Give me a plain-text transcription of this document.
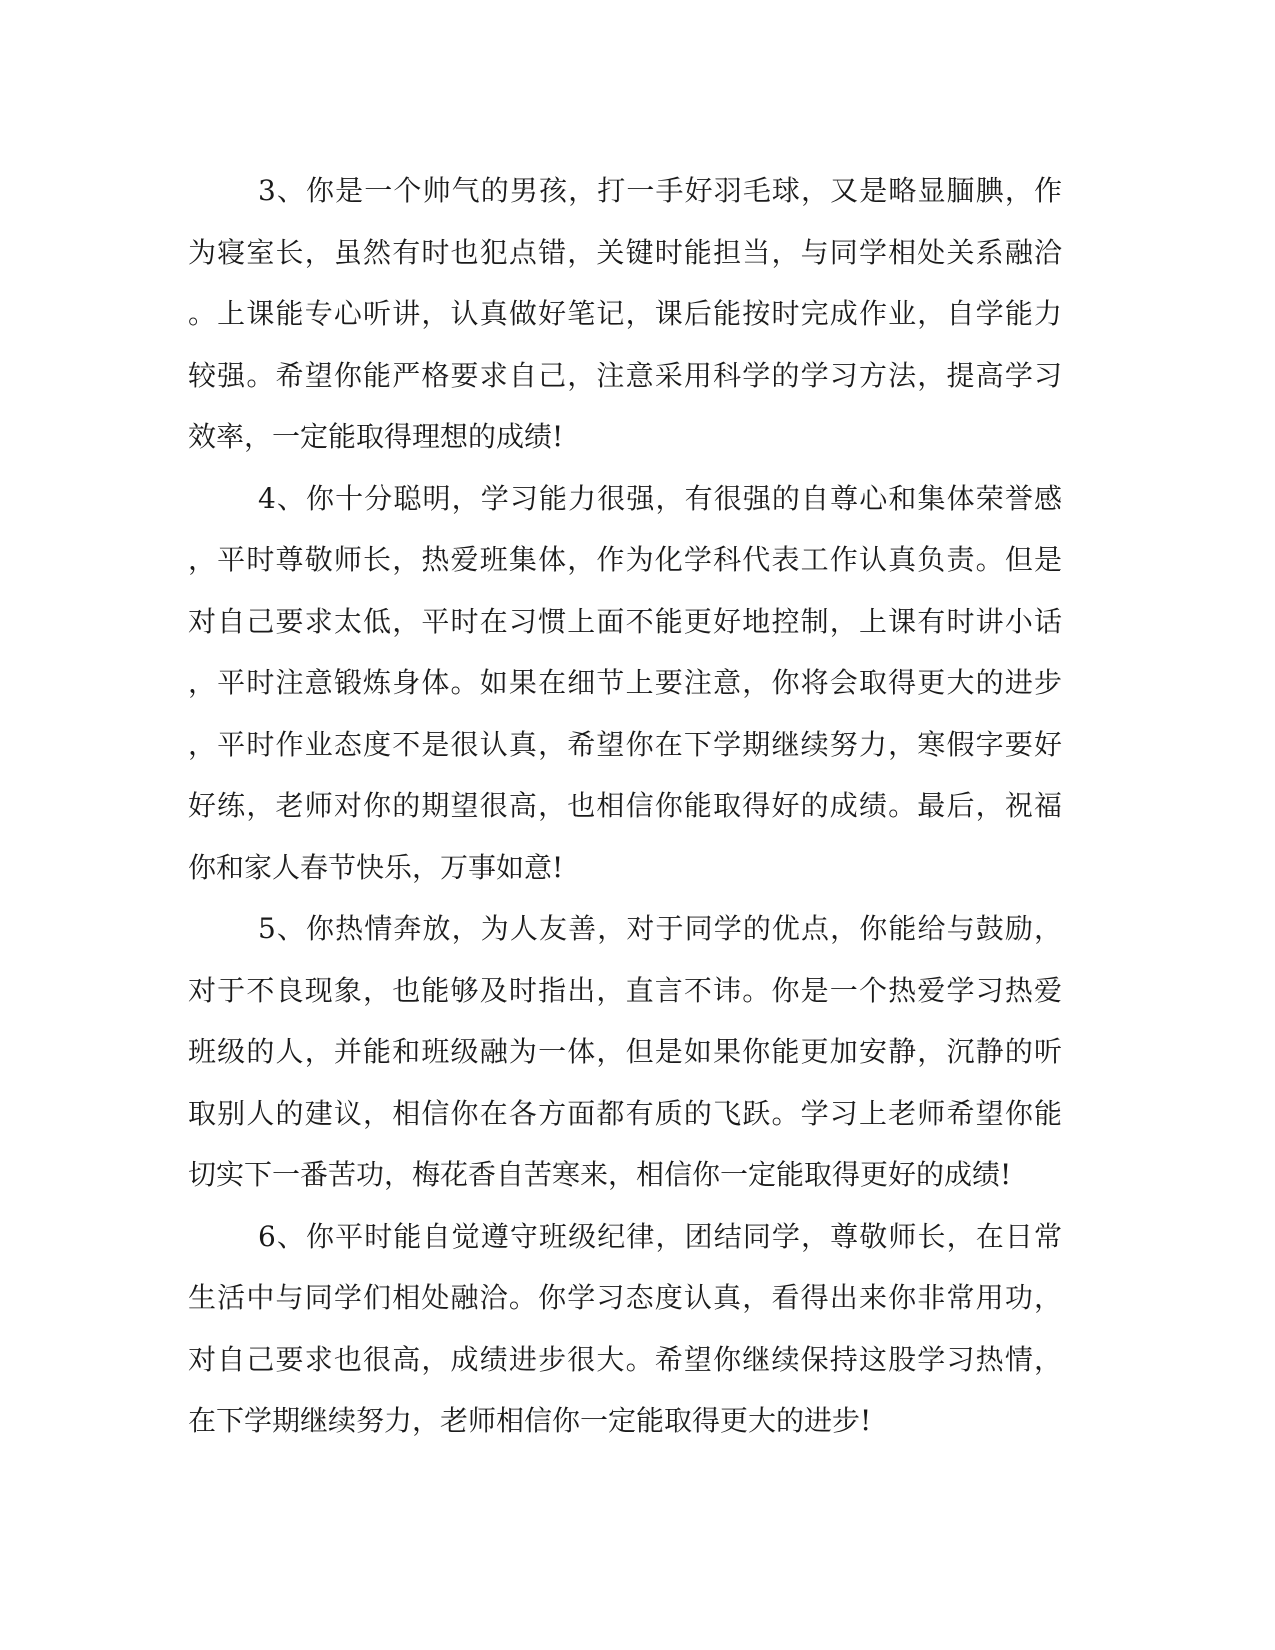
3、你是一个帅气的男孩，打一手好羽毛球，又是略显腼腆，作
为寝室长，虽然有时也犯点错，关键时能担当，与同学相处关系融洽
。上课能专心听讲，认真做好笔记，课后能按时完成作业，自学能力
较强。希望你能严格要求自己，注意采用科学的学习方法，提高学习
效率，一定能取得理想的成绩!
4、你十分聪明，学习能力很强，有很强的自尊心和集体荣誉感
，平时尊敬师长，热爱班集体，作为化学科代表工作认真负责。但是
对自己要求太低，平时在习惯上面不能更好地控制，上课有时讲小话
，平时注意锻炼身体。如果在细节上要注意，你将会取得更大的进步
，平时作业态度不是很认真，希望你在下学期继续努力，寒假字要好
好练，老师对你的期望很高，也相信你能取得好的成绩。最后，祝福
你和家人春节快乐，万事如意!
5、你热情奔放，为人友善，对于同学的优点，你能给与鼓励，
对于不良现象，也能够及时指出，直言不讳。你是一个热爱学习热爱
班级的人，并能和班级融为一体，但是如果你能更加安静，沉静的听
取别人的建议，相信你在各方面都有质的飞跃。学习上老师希望你能
切实下一番苦功，梅花香自苦寒来，相信你一定能取得更好的成绩!
6、你平时能自觉遵守班级纪律，团结同学，尊敬师长，在日常
生活中与同学们相处融洽。你学习态度认真，看得出来你非常用功，
对自己要求也很高，成绩进步很大。希望你继续保持这股学习热情，
在下学期继续努力，老师相信你一定能取得更大的进步!
